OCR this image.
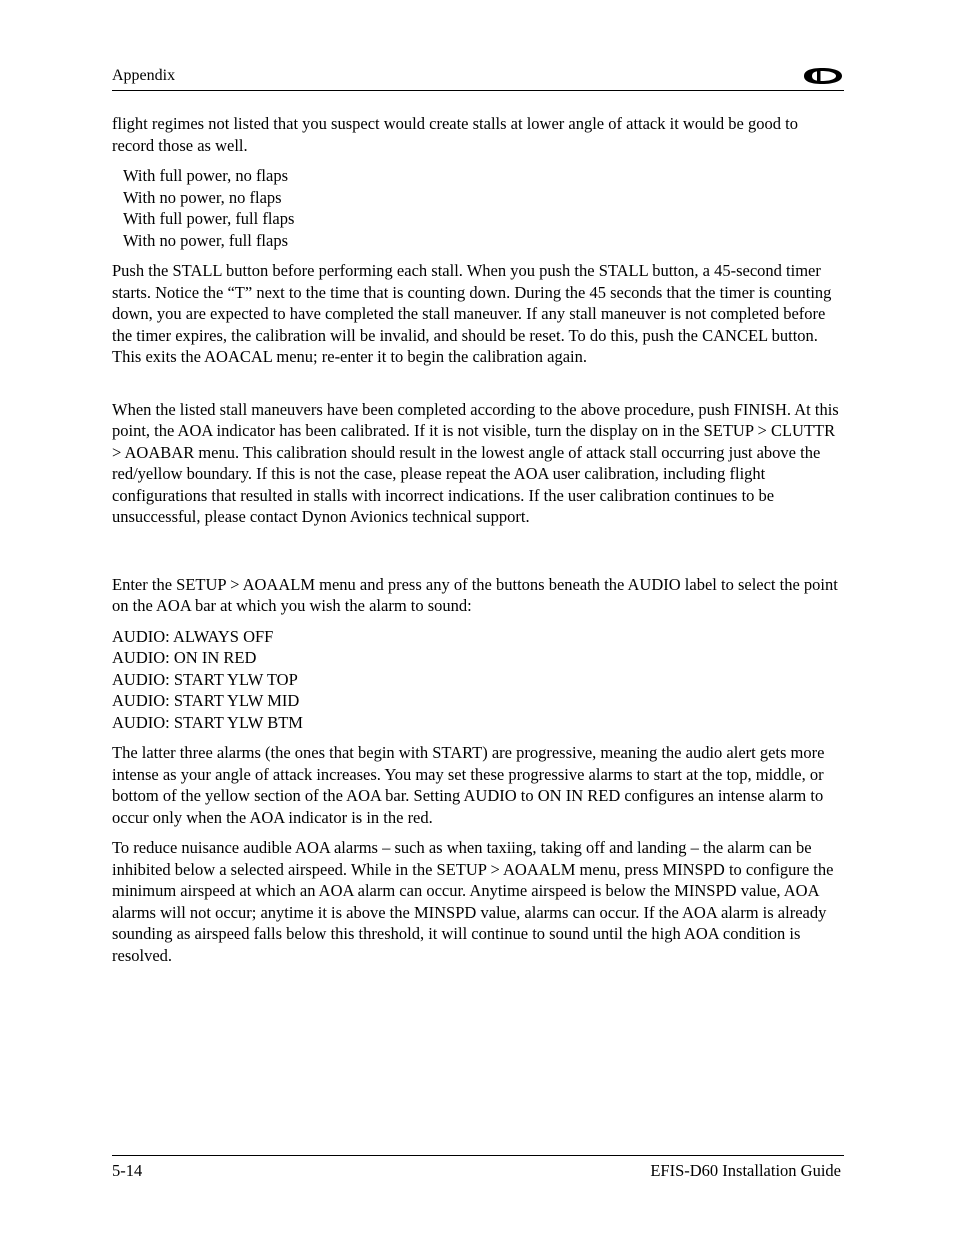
Appendix

flight regimes not listed that you suspect would create stalls at lower angle of attack it would be good to record those as well.

With full power, no flaps
With no power, no flaps
With full power, full flaps
With no power, full flaps

Push the STALL button before performing each stall. When you push the STALL button, a 45-second timer starts. Notice the “T” next to the time that is counting down. During the 45 seconds that the timer is counting down, you are expected to have completed the stall maneuver. If any stall maneuver is not completed before the timer expires, the calibration will be invalid, and should be reset. To do this, push the CANCEL button. This exits the AOACAL menu; re-enter it to begin the calibration again.

When the listed stall maneuvers have been completed according to the above procedure, push FINISH. At this point, the AOA indicator has been calibrated. If it is not visible, turn the display on in the SETUP > CLUTTR > AOABAR menu. This calibration should result in the lowest angle of attack stall occurring just above the red/yellow boundary. If this is not the case, please repeat the AOA user calibration, including flight configurations that resulted in stalls with incorrect indications. If the user calibration continues to be unsuccessful, please contact Dynon Avionics technical support.

Enter the SETUP > AOAALM menu and press any of the buttons beneath the AUDIO label to select the point on the AOA bar at which you wish the alarm to sound:

AUDIO: ALWAYS OFF
AUDIO: ON IN RED
AUDIO: START YLW TOP
AUDIO: START YLW MID
AUDIO: START YLW BTM

The latter three alarms (the ones that begin with START) are progressive, meaning the audio alert gets more intense as your angle of attack increases. You may set these progressive alarms to start at the top, middle, or bottom of the yellow section of the AOA bar. Setting AUDIO to ON IN RED configures an intense alarm to occur only when the AOA indicator is in the red.

To reduce nuisance audible AOA alarms – such as when taxiing, taking off and landing – the alarm can be inhibited below a selected airspeed. While in the SETUP > AOAALM menu, press MINSPD to configure the minimum airspeed at which an AOA alarm can occur. Anytime airspeed is below the MINSPD value, AOA alarms will not occur; anytime it is above the MINSPD value, alarms can occur. If the AOA alarm is already sounding as airspeed falls below this threshold, it will continue to sound until the high AOA condition is resolved.

5-14	EFIS-D60 Installation Guide
